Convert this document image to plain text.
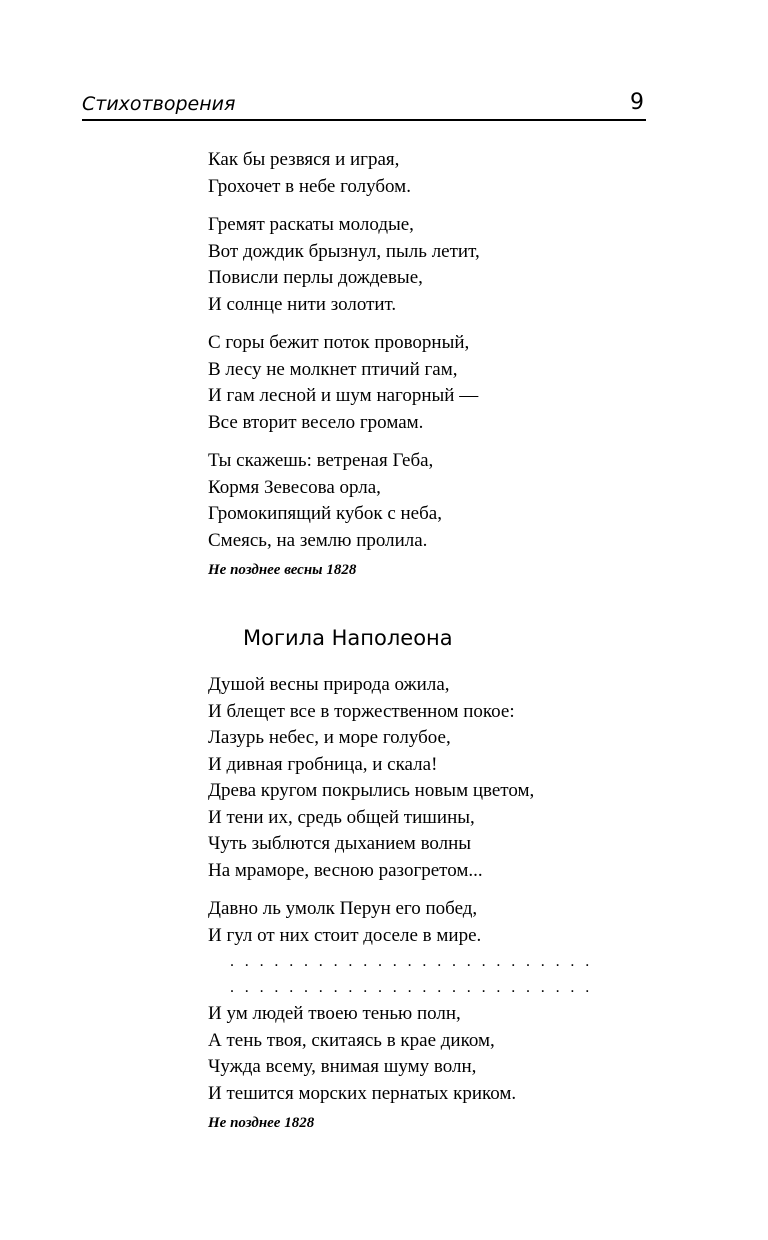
Стихотворения	9
Как бы резвяся и играя,
Грохочет в небе голубом.
Гремят раскаты молодые,
Вот дождик брызнул, пыль летит,
Повисли перлы дождевые,
И солнце нити золотит.
С горы бежит поток проворный,
В лесу не молкнет птичий гам,
И гам лесной и шум нагорный —
Все вторит весело громам.
Ты скажешь: ветреная Геба,
Кормя Зевесова орла,
Громокипящий кубок с неба,
Смеясь, на землю пролила.
Не позднее весны 1828
Могила Наполеона
Душой весны природа ожила,
И блещет все в торжественном покое:
Лазурь небес, и море голубое,
И дивная гробница, и скала!
Древа кругом покрылись новым цветом,
И тени их, средь общей тишины,
Чуть зыблются дыханием волны
На мраморе, весною разогретом...
Давно ль умолк Перун его побед,
И гул от них стоит доселе в мире.
. . . . . . . . . . . . . . . . . . . . . . . . .
. . . . . . . . . . . . . . . . . . . . . . . . .
И ум людей твоею тенью полн,
А тень твоя, скитаясь в крае диком,
Чужда всему, внимая шуму волн,
И тешится морских пернатых криком.
Не позднее 1828
